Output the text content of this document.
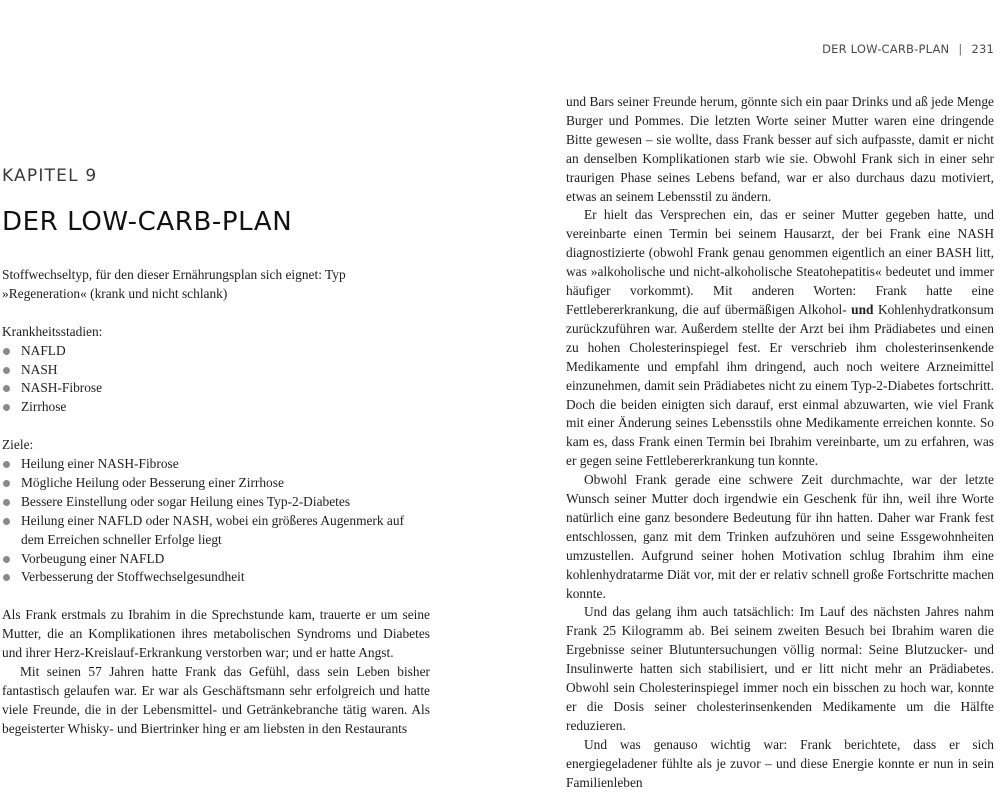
DER LOW-CARB-PLAN | 231
KAPITEL 9
DER LOW-CARB-PLAN

Stoffwechseltyp, für den dieser Ernährungsplan sich eignet: Typ »Regeneration« (krank und nicht schlank)

Krankheitsstadien:

NAFLD
NASH
NASH-Fibrose
Zirrhose

Ziele:

Heilung einer NASH-Fibrose
Mögliche Heilung oder Besserung einer Zirrhose
Bessere Einstellung oder sogar Heilung eines Typ-2-Diabetes
Heilung einer NAFLD oder NASH, wobei ein größeres Augenmerk auf dem Erreichen schneller Erfolge liegt
Vorbeugung einer NAFLD
Verbesserung der Stoffwechselgesundheit

Als Frank erstmals zu Ibrahim in die Sprechstunde kam, trauerte er um seine Mutter, die an Komplikationen ihres metabolischen Syndroms und Diabetes und ihrer Herz-Kreislauf-Erkrankung verstorben war; und er hatte Angst.

Mit seinen 57 Jahren hatte Frank das Gefühl, dass sein Leben bisher fantastisch gelaufen war. Er war als Geschäftsmann sehr erfolgreich und hatte viele Freunde, die in der Lebensmittel- und Getränkebranche tätig waren. Als begeisterter Whisky- und Biertrinker hing er am liebsten in den Restaurants

und Bars seiner Freunde herum, gönnte sich ein paar Drinks und aß jede Menge Burger und Pommes. Die letzten Worte seiner Mutter waren eine dringende Bitte gewesen – sie wollte, dass Frank besser auf sich aufpasste, damit er nicht an denselben Komplikationen starb wie sie. Obwohl Frank sich in einer sehr traurigen Phase seines Lebens befand, war er also durchaus dazu motiviert, etwas an seinem Lebensstil zu ändern.

Er hielt das Versprechen ein, das er seiner Mutter gegeben hatte, und vereinbarte einen Termin bei seinem Hausarzt, der bei Frank eine NASH diagnostizierte (obwohl Frank genau genommen eigentlich an einer BASH litt, was »alkoholische und nicht-alkoholische Steatohepatitis« bedeutet und immer häufiger vorkommt). Mit anderen Worten: Frank hatte eine Fettlebererkrankung, die auf übermäßigen Alkohol- und Kohlenhydratkonsum zurückzuführen war. Außerdem stellte der Arzt bei ihm Prädiabetes und einen zu hohen Cholesterinspiegel fest. Er verschrieb ihm cholesterinsenkende Medikamente und empfahl ihm dringend, auch noch weitere Arzneimittel einzunehmen, damit sein Prädiabetes nicht zu einem Typ-2-Diabetes fortschritt. Doch die beiden einigten sich darauf, erst einmal abzuwarten, wie viel Frank mit einer Änderung seines Lebensstils ohne Medikamente erreichen konnte. So kam es, dass Frank einen Termin bei Ibrahim vereinbarte, um zu erfahren, was er gegen seine Fettlebererkrankung tun konnte.

Obwohl Frank gerade eine schwere Zeit durchmachte, war der letzte Wunsch seiner Mutter doch irgendwie ein Geschenk für ihn, weil ihre Worte natürlich eine ganz besondere Bedeutung für ihn hatten. Daher war Frank fest entschlossen, ganz mit dem Trinken aufzuhören und seine Essgewohnheiten umzustellen. Aufgrund seiner hohen Motivation schlug Ibrahim ihm eine kohlenhydratarme Diät vor, mit der er relativ schnell große Fortschritte machen konnte.

Und das gelang ihm auch tatsächlich: Im Lauf des nächsten Jahres nahm Frank 25 Kilogramm ab. Bei seinem zweiten Besuch bei Ibrahim waren die Ergebnisse seiner Blutuntersuchungen völlig normal: Seine Blutzucker- und Insulinwerte hatten sich stabilisiert, und er litt nicht mehr an Prädiabetes. Obwohl sein Cholesterinspiegel immer noch ein bisschen zu hoch war, konnte er die Dosis seiner cholesterinsenkenden Medikamente um die Hälfte reduzieren.

Und was genauso wichtig war: Frank berichtete, dass er sich energiegeladener fühlte als je zuvor – und diese Energie konnte er nun in sein Familienleben
